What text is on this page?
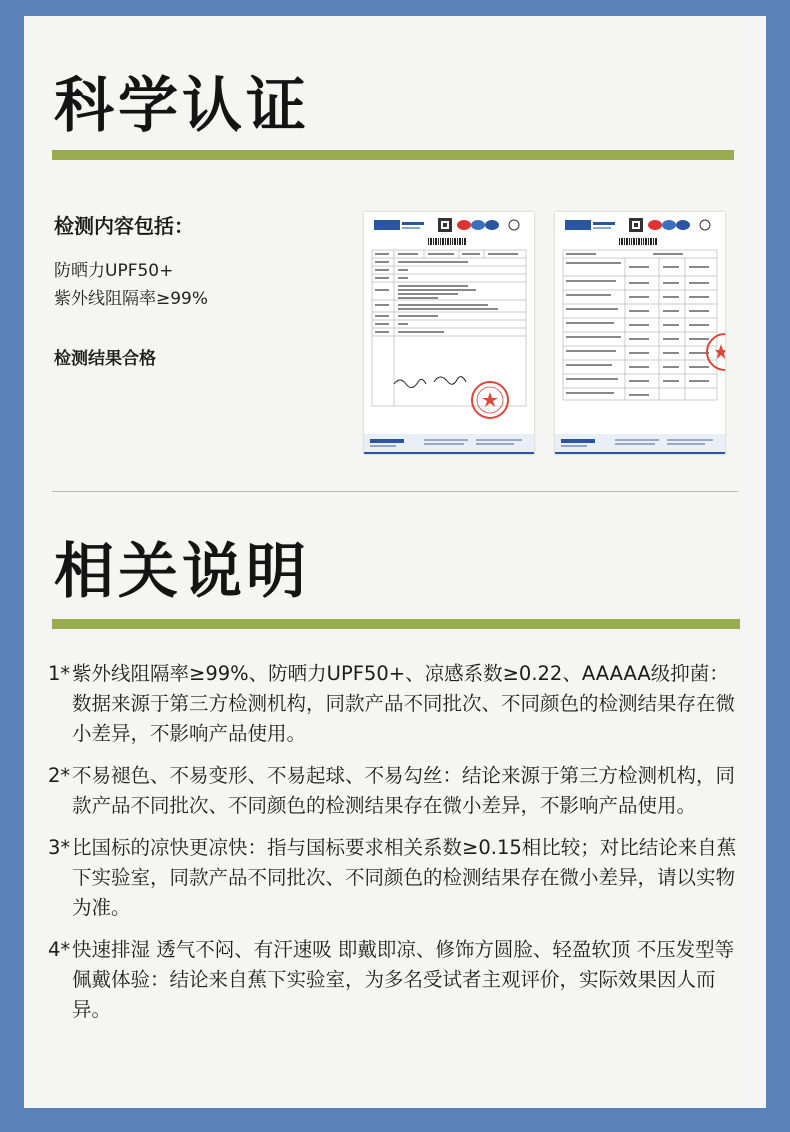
科学认证
检测内容包括：

防晒力UPF50+

紫外线阻隔率≥99%

检测结果合格

相关说明
1* 紫外线阻隔率≥99%、防晒力UPF50+、凉感系数≥0.22、AAAAA级抑菌：数据来源于第三方检测机构，同款产品不同批次、不同颜色的检测结果存在微小差异，不影响产品使用。
2* 不易褪色、不易变形、不易起球、不易勾丝：结论来源于第三方检测机构，同款产品不同批次、不同颜色的检测结果存在微小差异，不影响产品使用。
3* 比国标的凉快更凉快：指与国标要求相关系数≥0.15相比较；对比结论来自蕉下实验室，同款产品不同批次、不同颜色的检测结果存在微小差异，请以实物为准。
4* 快速排湿 透气不闷、有汗速吸 即戴即凉、修饰方圆脸、轻盈软顶 不压发型等佩戴体验：结论来自蕉下实验室，为多名受试者主观评价，实际效果因人而异。
